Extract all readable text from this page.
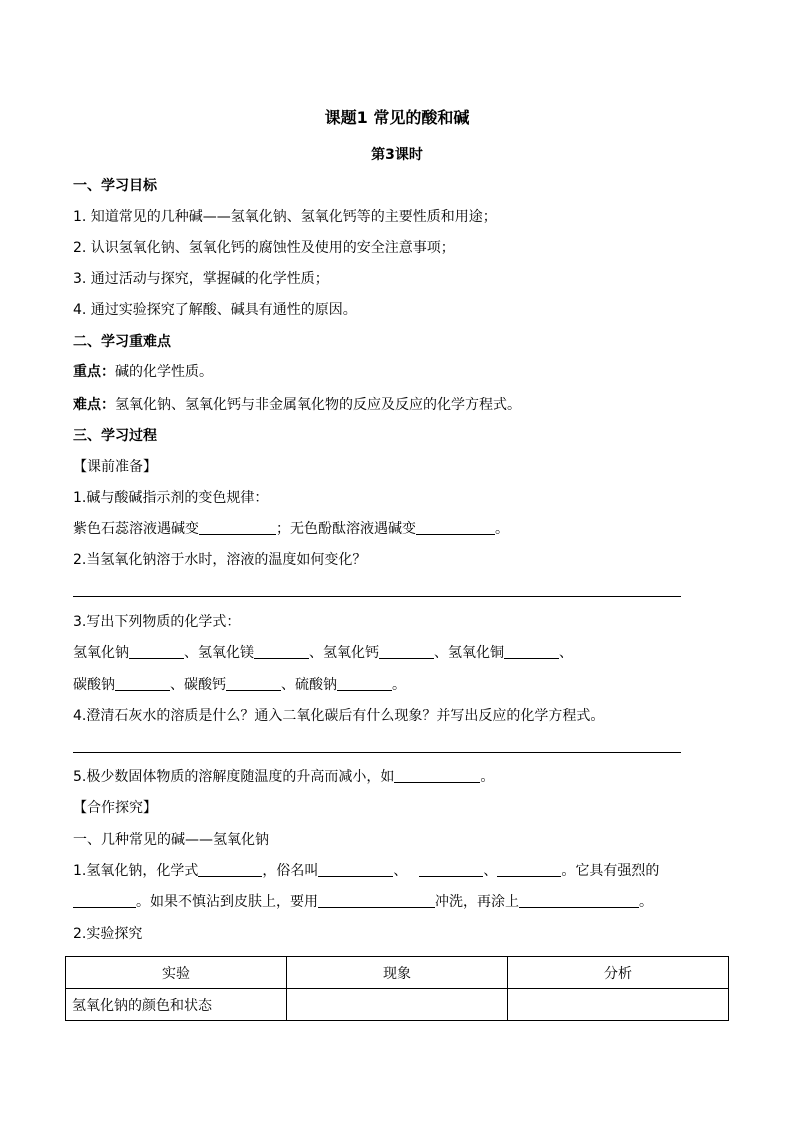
课题1 常见的酸和碱
第3课时
一、学习目标
1. 知道常见的几种碱——氢氧化钠、氢氧化钙等的主要性质和用途；
2. 认识氢氧化钠、氢氧化钙的腐蚀性及使用的安全注意事项；
3. 通过活动与探究，掌握碱的化学性质；
4. 通过实验探究了解酸、碱具有通性的原因。
二、学习重难点
重点：碱的化学性质。
难点：氢氧化钠、氢氧化钙与非金属氧化物的反应及反应的化学方程式。
三、学习过程
【课前准备】
1.碱与酸碱指示剂的变色规律：
紫色石蕊溶液遇碱变	；无色酚酞溶液遇碱变	。
2.当氢氧化钠溶于水时，溶液的温度如何变化？
3.写出下列物质的化学式：
氢氧化钠	、氢氧化镁	、氢氧化钙	、氢氧化铜	、
碳酸钠	、碳酸钙	、硫酸钠	。
4.澄清石灰水的溶质是什么？通入二氧化碳后有什么现象？并写出反应的化学方程式。
5.极少数固体物质的溶解度随温度的升高而减小，如	。
【合作探究】
一、几种常见的碱——氢氧化钠
1.氢氧化钠，化学式	，俗名叫	、	、	。它具有强烈的
。如果不慎沾到皮肤上，要用	冲洗，再涂上	。
2.实验探究
实验	现象	分析
氢氧化钠的颜色和状态		
